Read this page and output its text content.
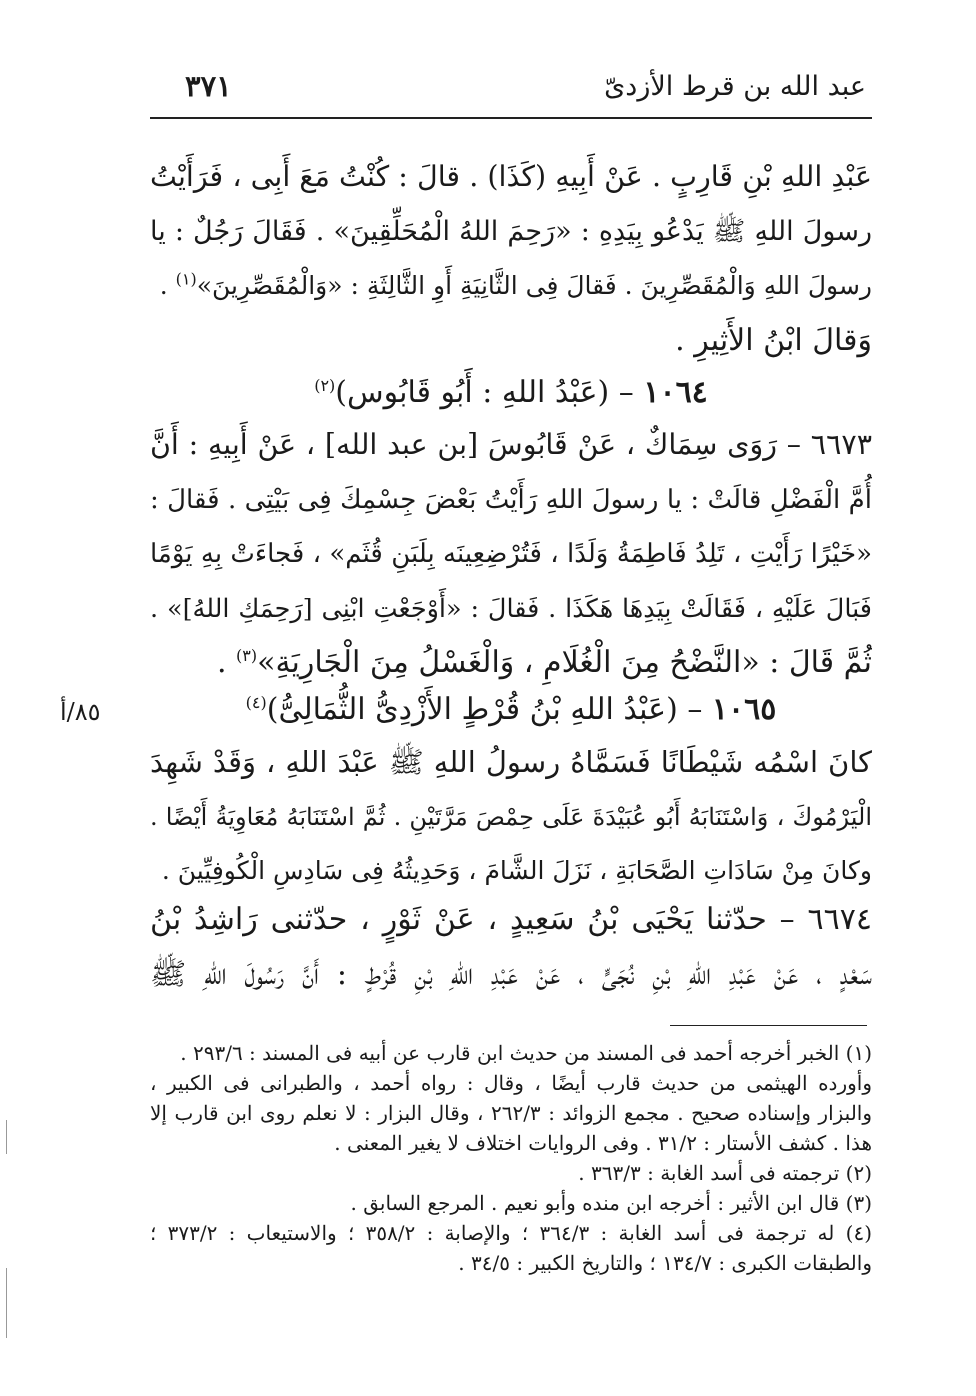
عبد الله بن قرط الأزدىّ
٣٧١
عَبْدِ اللهِ بْنِ قَارِبٍ . عَنْ أَبِيهِ (كَذَا) . قالَ : كُنْتُ مَعَ أَبِى ، فَرَأَيْتُ
رسولَ اللهِ ﷺ يَدْعُو بِيَدِهِ : «رَحِمَ اللهُ الْمُحَلِّقِينَ» . فَقَالَ رَجُلٌ : يا
رسولَ اللهِ وَالْمُقَصِّرِينَ . فَقالَ فِى الثَّانِيَةِ أَوِ الثَّالِثَةِ : «وَالْمُقَصِّرِينَ»$^{(١)}$ .
وَقالَ ابْنُ الأَثِيرِ .
١٠٦٤ – (عَبْدُ اللهِ : أَبُو قَابُوس)$^{(٢)}$
٦٦٧٣ – رَوَى سِمَاكٌ ، عَنْ قَابُوسَ [بن عبد الله] ، عَنْ أَبِيهِ : أَنَّ
أُمَّ الْفَضْلِ قالَتْ : يا رسولَ اللهِ رَأَيْتُ بَعْضَ جِسْمِكَ فِى بَيْتِى . فَقالَ :
«خَيْرًا رَأَيْتِ ، تَلِدُ فَاطِمَةُ وَلَدًا ، فَتُرْضِعِينَه بِلَبَنِ قُثَم» ، فَجاءَتْ بِهِ يَوْمًا
فَبَالَ عَلَيْهِ ، فَقَالَتْ بِيَدِهَا هَكَذَا . فَقالَ : «أَوْجَعْتِ ابْنِى [رَحِمَكِ اللهُ]» .
ثُمَّ قَالَ : «النَّضْحُ مِنَ الْغُلَامِ ، وَالْغَسْلُ مِنَ الْجَارِيَةِ»$^{(٣)}$ .
١٠٦٥ – (عَبْدُ اللهِ بْنُ قُرْطٍ الأَزْدِىُّ الثُّمَالِىُّ)$^{(٤)}$
٨٥/أ
كانَ اسْمُه شَيْطَانًا فَسَمَّاهُ رسولُ اللهِ ﷺ عَبْدَ اللهِ ، وَقَدْ شَهِدَ
الْيَرْمُوكَ ، وَاسْتَنَابَهُ أَبُو عُبَيْدَةَ عَلَى حِمْصَ مَرَّتَيْنِ . ثُمَّ اسْتَنَابَهُ مُعَاوِيَةُ أَيْضًا .
وكانَ مِنْ سَادَاتِ الصَّحَابَةِ ، نَزَلَ الشَّامَ ، وَحَدِيثُهُ فِى سَادِسِ الْكُوفِيِّينَ .
٦٦٧٤ – حدّثنا يَحْيَى بْنُ سَعِيدٍ ، عَنْ ثَوْرٍ ، حدّثنى رَاشِدُ بْنُ
سَعْدٍ ، عَنْ عَبْدِ اللهِ بْنِ نُجَىٍّ ، عَنْ عَبْدِ اللهِ بْنِ قُرْطٍ : أَنَّ رَسُولَ اللهِ ﷺ
(١) الخبر أخرجه أحمد فى المسند من حديث ابن قارب عن أبيه فى المسند : ٢٩٣/٦ .
وأورده الهيثمى من حديث قارب أيضًا ، وقال : رواه أحمد ، والطبرانى فى الكبير ،
والبزار وإسناده صحيح . مجمع الزوائد : ٢٦٢/٣ ، وقال البزار : لا نعلم روى ابن قارب إلا
هذا . كشف الأستار : ٣١/٢ . وفى الروايات اختلاف لا يغير المعنى .
(٢) ترجمته فى أسد الغابة : ٣٦٣/٣ .
(٣) قال ابن الأثير : أخرجه ابن منده وأبو نعيم . المرجع السابق .
(٤) له ترجمة فى أسد الغابة : ٣٦٤/٣ ؛ والإصابة : ٣٥٨/٢ ؛ والاستيعاب : ٣٧٣/٢ ؛
والطبقات الكبرى : ١٣٤/٧ ؛ والتاريخ الكبير : ٣٤/٥ .
